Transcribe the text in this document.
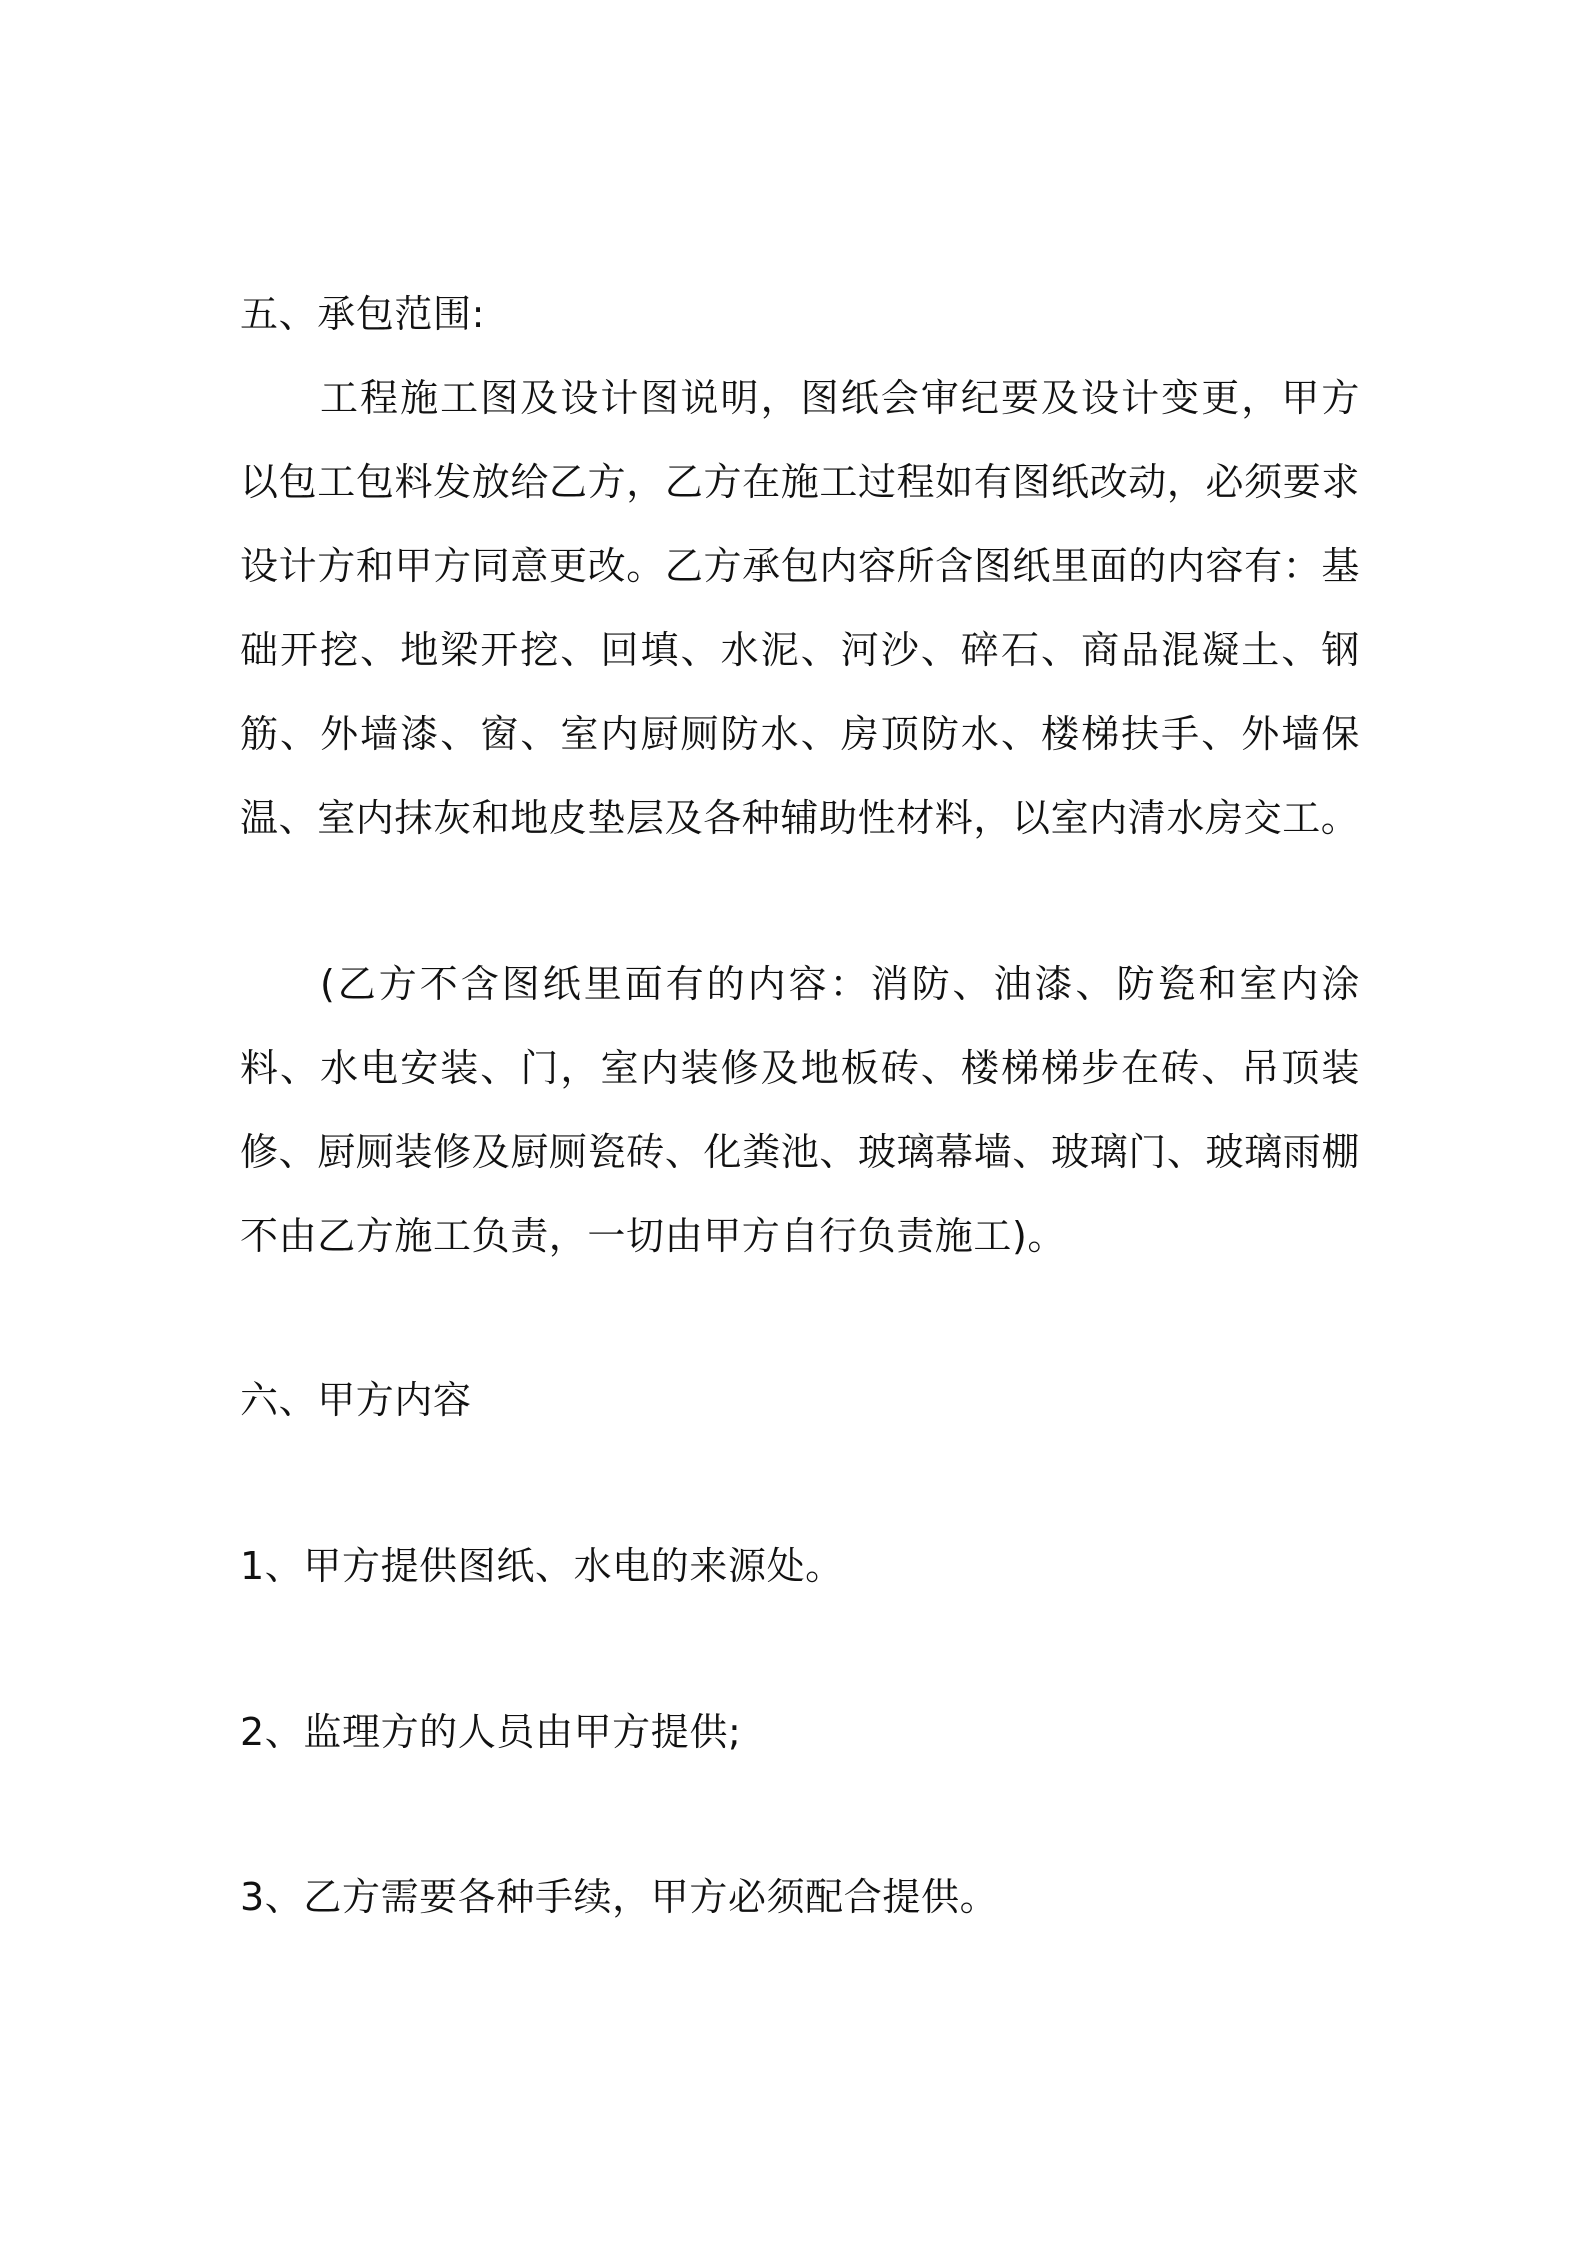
五、承包范围:
工程施工图及设计图说明，图纸会审纪要及设计变更，甲方以包工包料发放给乙方，乙方在施工过程如有图纸改动，必须要求设计方和甲方同意更改。乙方承包内容所含图纸里面的内容有：基础开挖、地梁开挖、回填、水泥、河沙、碎石、商品混凝土、钢筋、外墙漆、窗、室内厨厕防水、房顶防水、楼梯扶手、外墙保温、室内抹灰和地皮垫层及各种辅助性材料，以室内清水房交工。
(乙方不含图纸里面有的内容：消防、油漆、防瓷和室内涂料、水电安装、门，室内装修及地板砖、楼梯梯步在砖、吊顶装修、厨厕装修及厨厕瓷砖、化粪池、玻璃幕墙、玻璃门、玻璃雨棚不由乙方施工负责，一切由甲方自行负责施工)。
六、甲方内容
1、甲方提供图纸、水电的来源处。
2、监理方的人员由甲方提供;
3、乙方需要各种手续，甲方必须配合提供。
